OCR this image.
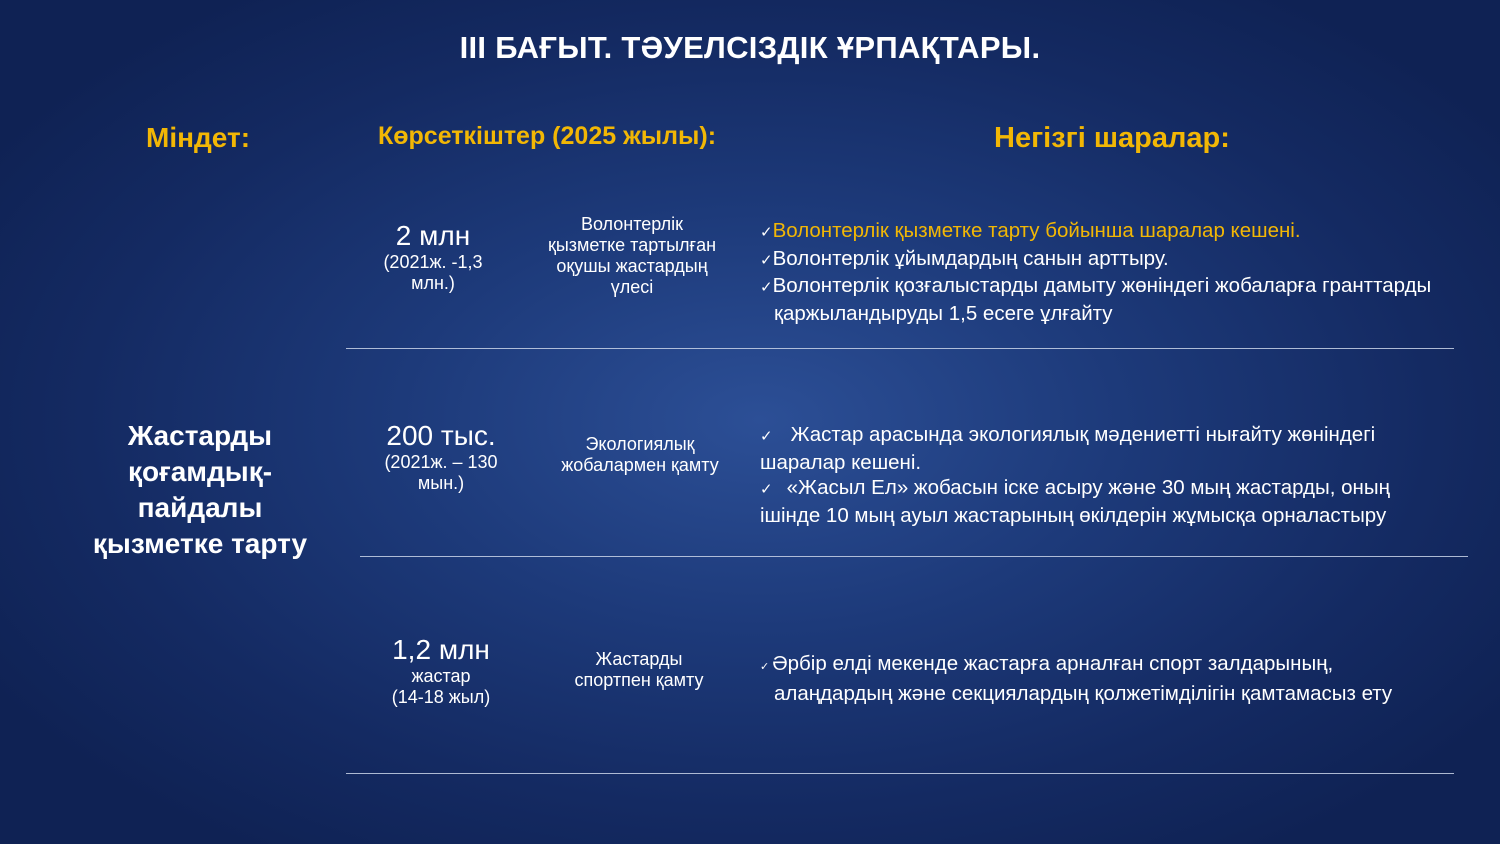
III БАҒЫТ. ТӘУЕЛСІЗДІК ҰРПАҚТАРЫ.
Міндет:	Көрсеткіштер (2025 жылы):	Негізгі шаралар:
Жастарды
қоғамдық-
пайдалы
қызметке тарту
2 млн
(2021ж. -1,3
млн.)
Волонтерлік
қызметке тартылған
оқушы жастардың
үлесі
✓Волонтерлік қызметке тарту бойынша шаралар кешені.
✓Волонтерлік ұйымдардың санын арттыру.
✓Волонтерлік қозғалыстарды дамыту жөніндегі жобаларға гранттарды
қаржыландыруды 1,5 есеге ұлғайту
200 тыс.
(2021ж. – 130
мын.)
Экологиялық
жобалармен қамту
✓ Жастар арасында экологиялық мәдениетті нығайту жөніндегі
шаралар кешені.
✓ «Жасыл Ел» жобасын іске асыру және 30 мың жастарды, оның
ішінде 10 мың ауыл жастарының өкілдерін жұмысқа орналастыру
1,2 млн
жастар
(14-18 жыл)
Жастарды
спортпен қамту
✓ Әрбір елді мекенде жастарға арналған спорт залдарының,
алаңдардың және секциялардың қолжетімділігін қамтамасыз ету
